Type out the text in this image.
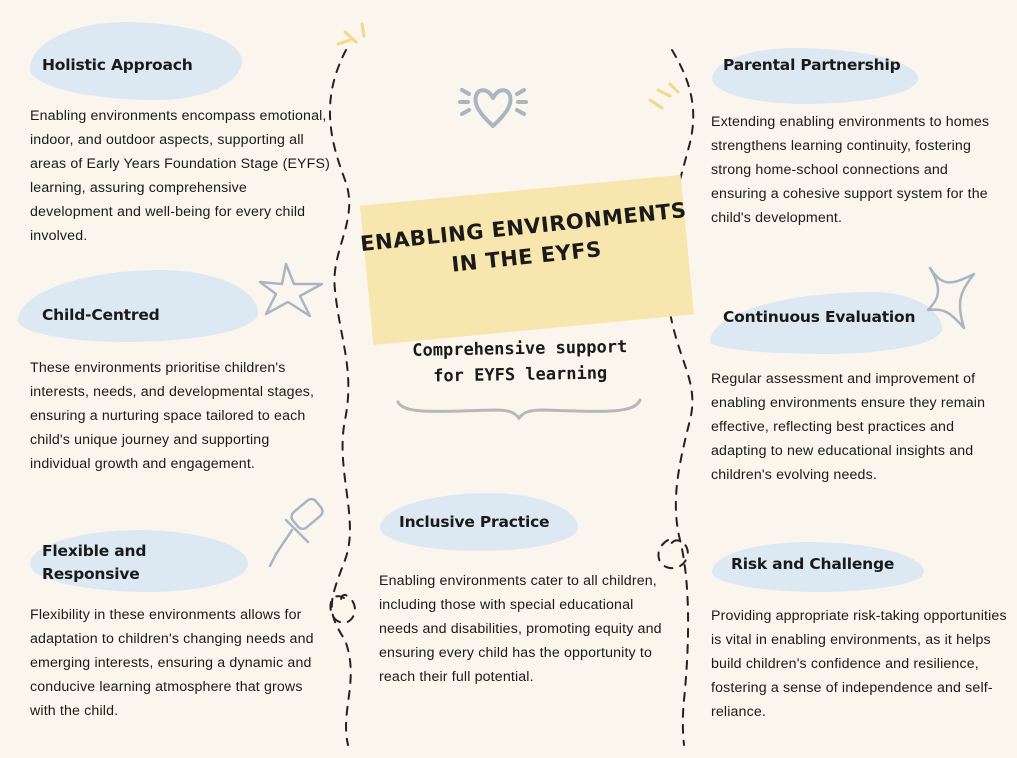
ENABLING ENVIRONMENTS IN THE EYFS
Comprehensive support for EYFS learning
Holistic Approach
Enabling environments encompass emotional, indoor, and outdoor aspects, supporting all areas of Early Years Foundation Stage (EYFS) learning, assuring comprehensive development and well-being for every child involved.
Child-Centred
These environments prioritise children's interests, needs, and developmental stages, ensuring a nurturing space tailored to each child's unique journey and supporting individual growth and engagement.
Flexible and Responsive
Flexibility in these environments allows for adaptation to children's changing needs and emerging interests, ensuring a dynamic and conducive learning atmosphere that grows with the child.
Inclusive Practice
Enabling environments cater to all children, including those with special educational needs and disabilities, promoting equity and ensuring every child has the opportunity to reach their full potential.
Parental Partnership
Extending enabling environments to homes strengthens learning continuity, fostering strong home-school connections and ensuring a cohesive support system for the child's development.
Continuous Evaluation
Regular assessment and improvement of enabling environments ensure they remain effective, reflecting best practices and adapting to new educational insights and children's evolving needs.
Risk and Challenge
Providing appropriate risk-taking opportunities is vital in enabling environments, as it helps build children's confidence and resilience, fostering a sense of independence and self-reliance.
